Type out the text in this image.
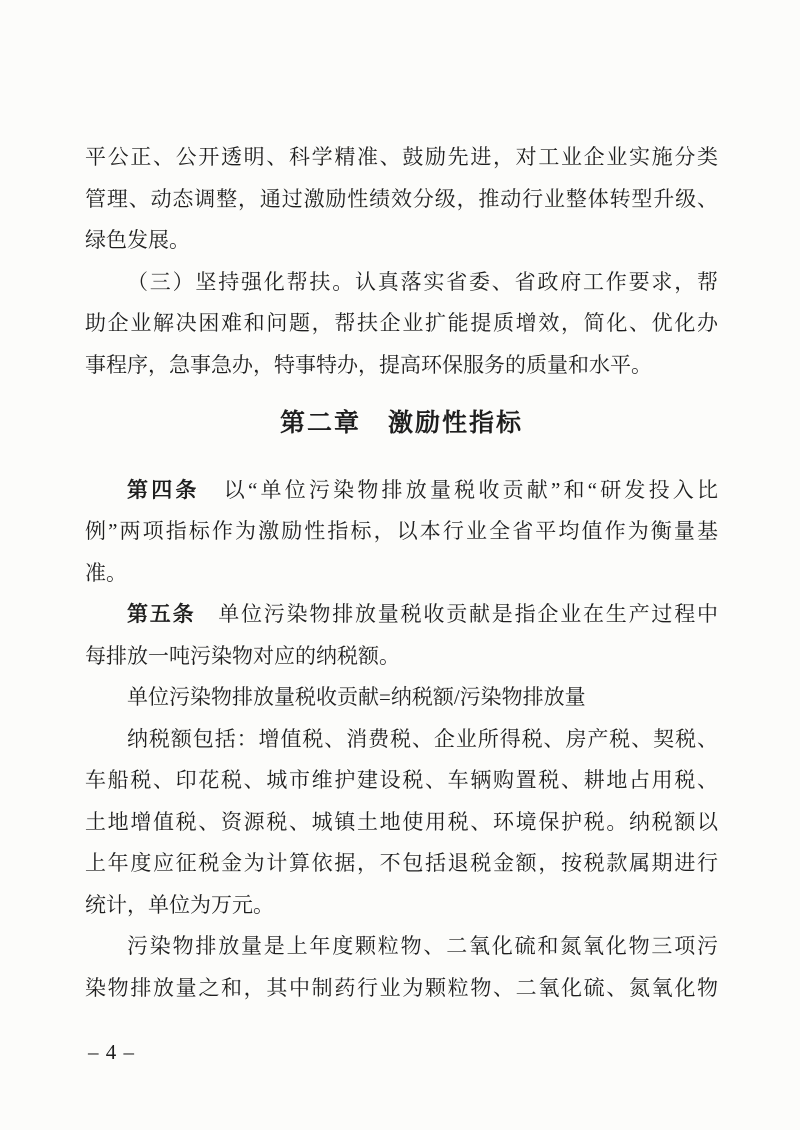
平公正、公开透明、科学精准、鼓励先进，对工业企业实施分类
管理、动态调整，通过激励性绩效分级，推动行业整体转型升级、
绿色发展。
（三）坚持强化帮扶。认真落实省委、省政府工作要求，帮
助企业解决困难和问题，帮扶企业扩能提质增效，简化、优化办
事程序，急事急办，特事特办，提高环保服务的质量和水平。
第二章　激励性指标
第四条　以“单位污染物排放量税收贡献”和“研发投入比
例”两项指标作为激励性指标，以本行业全省平均值作为衡量基
准。
第五条　单位污染物排放量税收贡献是指企业在生产过程中
每排放一吨污染物对应的纳税额。
单位污染物排放量税收贡献=纳税额/污染物排放量
纳税额包括：增值税、消费税、企业所得税、房产税、契税、
车船税、印花税、城市维护建设税、车辆购置税、耕地占用税、
土地增值税、资源税、城镇土地使用税、环境保护税。纳税额以
上年度应征税金为计算依据，不包括退税金额，按税款属期进行
统计，单位为万元。
污染物排放量是上年度颗粒物、二氧化硫和氮氧化物三项污
染物排放量之和，其中制药行业为颗粒物、二氧化硫、氮氧化物
– 4 –
